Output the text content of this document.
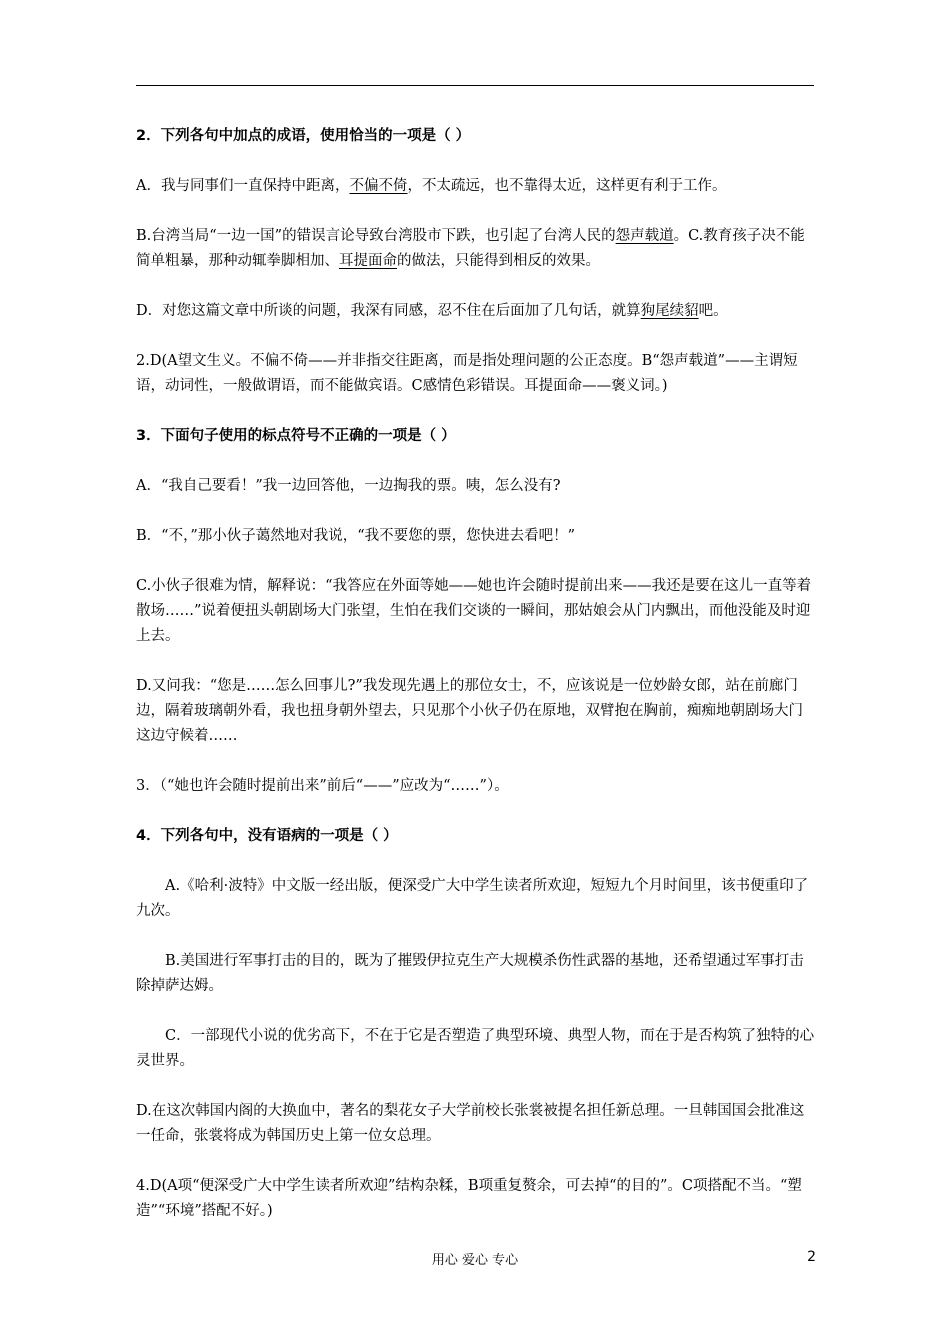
2．下列各句中加点的成语，使用恰当的一项是（ ）

A．我与同事们一直保持中距离，不偏不倚，不太疏远，也不靠得太近，这样更有利于工作。

B.台湾当局“一边一国”的错误言论导致台湾股市下跌，也引起了台湾人民的怨声载道。C.教育孩子决不能简单粗暴，那种动辄拳脚相加、耳提面命的做法，只能得到相反的效果。

D．对您这篇文章中所谈的问题，我深有同感，忍不住在后面加了几句话，就算狗尾续貂吧。

2.D(A望文生义。不偏不倚——并非指交往距离，而是指处理问题的公正态度。B“怨声载道”——主谓短语，动词性，一般做谓语，而不能做宾语。C感情色彩错误。耳提面命——褒义词。)

3．下面句子使用的标点符号不正确的一项是（ ）

A．“我自己要看！”我一边回答他，一边掏我的票。咦，怎么没有?

B．“不，”那小伙子蔼然地对我说，“我不要您的票，您快进去看吧！”

C.小伙子很难为情，解释说：“我答应在外面等她——她也许会随时提前出来——我还是要在这儿一直等着散场……”说着便扭头朝剧场大门张望，生怕在我们交谈的一瞬间，那姑娘会从门内飘出，而他没能及时迎上去。

D.又问我：“您是……怎么回事儿?”我发现先遇上的那位女士，不，应该说是一位妙龄女郎，站在前廊门边，隔着玻璃朝外看，我也扭身朝外望去，只见那个小伙子仍在原地，双臂抱在胸前，痴痴地朝剧场大门这边守候着……

3．（“她也许会随时提前出来”前后“——”应改为“……”）。

4．下列各句中，没有语病的一项是（ ）

A.《哈利·波特》中文版一经出版，便深受广大中学生读者所欢迎，短短九个月时间里，该书便重印了九次。

B.美国进行军事打击的目的，既为了摧毁伊拉克生产大规模杀伤性武器的基地，还希望通过军事打击除掉萨达姆。

C．一部现代小说的优劣高下，不在于它是否塑造了典型环境、典型人物，而在于是否构筑了独特的心灵世界。

D.在这次韩国内阁的大换血中，著名的梨花女子大学前校长张裳被提名担任新总理。一旦韩国国会批准这一任命，张裳将成为韩国历史上第一位女总理。

4.D(A项“便深受广大中学生读者所欢迎”结构杂糅，B项重复赘余，可去掉“的目的”。C项搭配不当。“塑造”“环境”搭配不好。)

用心 爱心 专心	2
